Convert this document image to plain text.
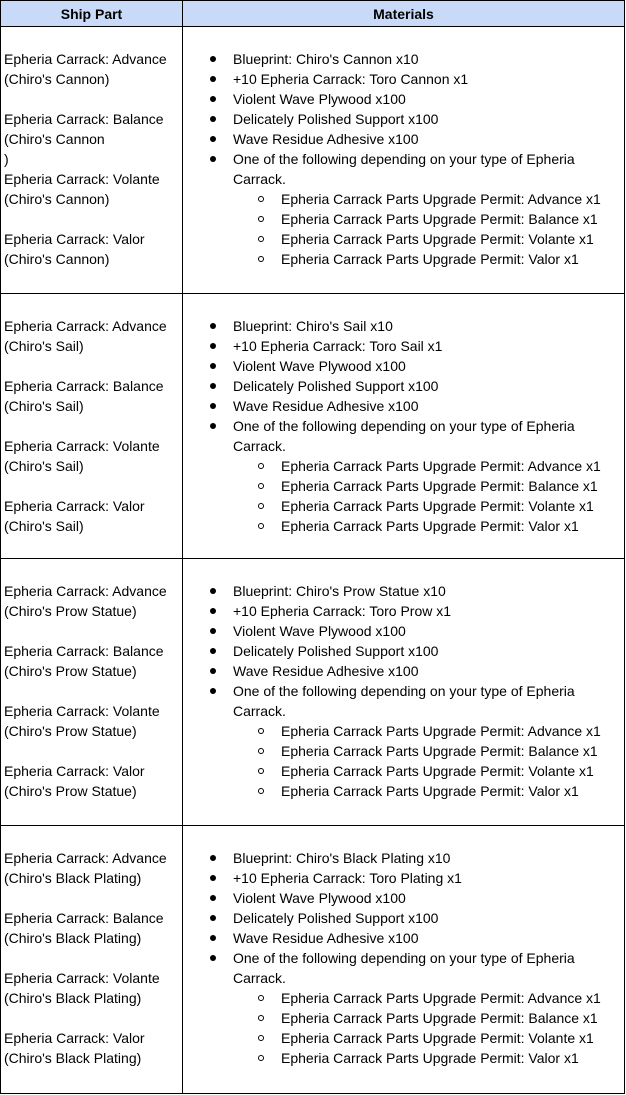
Ship Part	Materials
Epheria Carrack: Advance
(Chiro's Cannon)
Epheria Carrack: Balance
(Chiro's Cannon
)
Epheria Carrack: Volante
(Chiro's Cannon)
Epheria Carrack: Valor
(Chiro's Cannon)
Blueprint: Chiro's Cannon x10
+10 Epheria Carrack: Toro Cannon x1
Violent Wave Plywood x100
Delicately Polished Support x100
Wave Residue Adhesive x100
One of the following depending on your type of Epheria
Carrack.
Epheria Carrack Parts Upgrade Permit: Advance x1
Epheria Carrack Parts Upgrade Permit: Balance x1
Epheria Carrack Parts Upgrade Permit: Volante x1
Epheria Carrack Parts Upgrade Permit: Valor x1
Epheria Carrack: Advance
(Chiro's Sail)
Epheria Carrack: Balance
(Chiro's Sail)
Epheria Carrack: Volante
(Chiro's Sail)
Epheria Carrack: Valor
(Chiro's Sail)
Blueprint: Chiro's Sail x10
+10 Epheria Carrack: Toro Sail x1
Violent Wave Plywood x100
Delicately Polished Support x100
Wave Residue Adhesive x100
One of the following depending on your type of Epheria
Carrack.
Epheria Carrack Parts Upgrade Permit: Advance x1
Epheria Carrack Parts Upgrade Permit: Balance x1
Epheria Carrack Parts Upgrade Permit: Volante x1
Epheria Carrack Parts Upgrade Permit: Valor x1
Epheria Carrack: Advance
(Chiro's Prow Statue)
Epheria Carrack: Balance
(Chiro's Prow Statue)
Epheria Carrack: Volante
(Chiro's Prow Statue)
Epheria Carrack: Valor
(Chiro's Prow Statue)
Blueprint: Chiro's Prow Statue x10
+10 Epheria Carrack: Toro Prow x1
Violent Wave Plywood x100
Delicately Polished Support x100
Wave Residue Adhesive x100
One of the following depending on your type of Epheria
Carrack.
Epheria Carrack Parts Upgrade Permit: Advance x1
Epheria Carrack Parts Upgrade Permit: Balance x1
Epheria Carrack Parts Upgrade Permit: Volante x1
Epheria Carrack Parts Upgrade Permit: Valor x1
Epheria Carrack: Advance
(Chiro's Black Plating)
Epheria Carrack: Balance
(Chiro's Black Plating)
Epheria Carrack: Volante
(Chiro's Black Plating)
Epheria Carrack: Valor
(Chiro's Black Plating)
Blueprint: Chiro's Black Plating x10
+10 Epheria Carrack: Toro Plating x1
Violent Wave Plywood x100
Delicately Polished Support x100
Wave Residue Adhesive x100
One of the following depending on your type of Epheria
Carrack.
Epheria Carrack Parts Upgrade Permit: Advance x1
Epheria Carrack Parts Upgrade Permit: Balance x1
Epheria Carrack Parts Upgrade Permit: Volante x1
Epheria Carrack Parts Upgrade Permit: Valor x1
